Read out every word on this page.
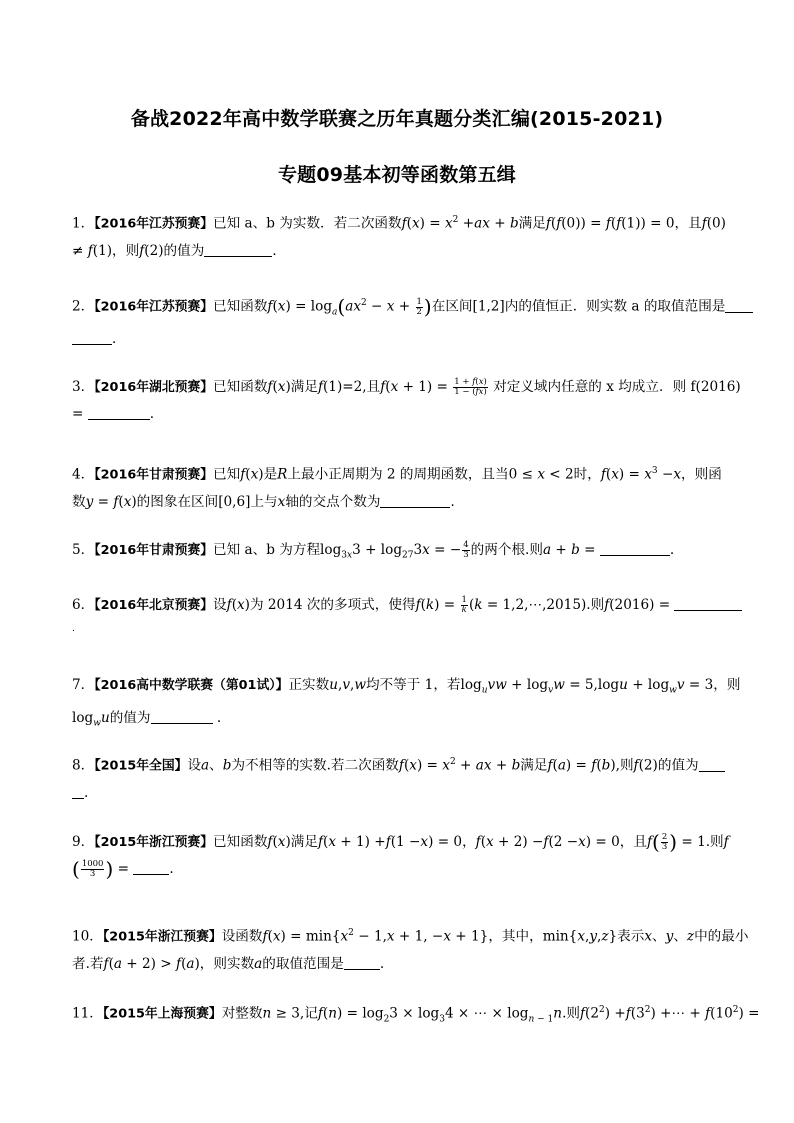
备战2022年高中数学联赛之历年真题分类汇编(2015-2021)
专题09基本初等函数第五缉
1．【2016年江苏预赛】已知 a、b 为实数．若二次函数$f(x) = x^2 +ax + b$满足f(f(0)) = f(f(1)) = 0，且f(0)
≠ f(1)，则f(2)的值为	．
2．【2016年江苏预赛】已知函数$f(x) = \log_a(ax^2 - x + \frac{1}{2}$ )在区间[1,2]内的值恒正．则实数 a 的取值范围是
．
3．【2016年湖北预赛】已知函数f(x)满足f(1)=2,且$f(x + 1) = \frac{1 + f(x)}{1 - (fx)}$ 对定义域内任意的 x 均成立．则 f(2016)
=	.
4．【2016年甘肃预赛】已知f(x)是R上最小正周期为 2 的周期函数，且当0 ≤ x < 2时，$f(x) = x^3 -x$，则函
数y = f(x)的图象在区间[0,6]上与x轴的交点个数为	．
5．【2016年甘肃预赛】已知 a、b 为方程$\log_{3x}3 + \log_{27}3x$ = − $\frac{4}{3}$ 的两个根.则a + b =	.
6．【2016年北京预赛】设f(x)为 2014 次的多项式，使得$f(k) = \frac{1}{k} (k$ = 1,2,⋯,2015).则f(2016) =
.
7．【2016高中数学联赛（第01试）】正实数u,v,w均不等于 1，若$\log_uvw + \log_vw = 5,\log u + \log_wv = 3$，则
$\log_wu$的值为	.
8．【2015年全国】设a、b为不相等的实数.若二次函数$f(x) = x^2$ + ax + b满足f(a) = f(b),则f(2)的值为
.
9．【2015年浙江预赛】已知函数f(x)满足f(x + 1) +f(1 −x) = 0，f(x + 2) −f(2 −x) = 0，且$f( \frac{2}{3}$ ) = 1.则f
( $\frac{1000}{3}$ ) =	.
10．【2015年浙江预赛】设函数$f(x) = \min\{x^2 - 1,x + 1$, −x + 1}，其中，min{x,y,z}表示x、y、z中的最小
者.若f(a + 2) > f(a)，则实数a的取值范围是	.
11．【2015年上海预赛】对整数n ≥ 3,记$f(n) = \log_23 \times \log_34$ × ⋯ × $\log_{n - 1}n$.则$f(2^2) +f(3^2)$ +⋯ + $f(10^2)$ =
